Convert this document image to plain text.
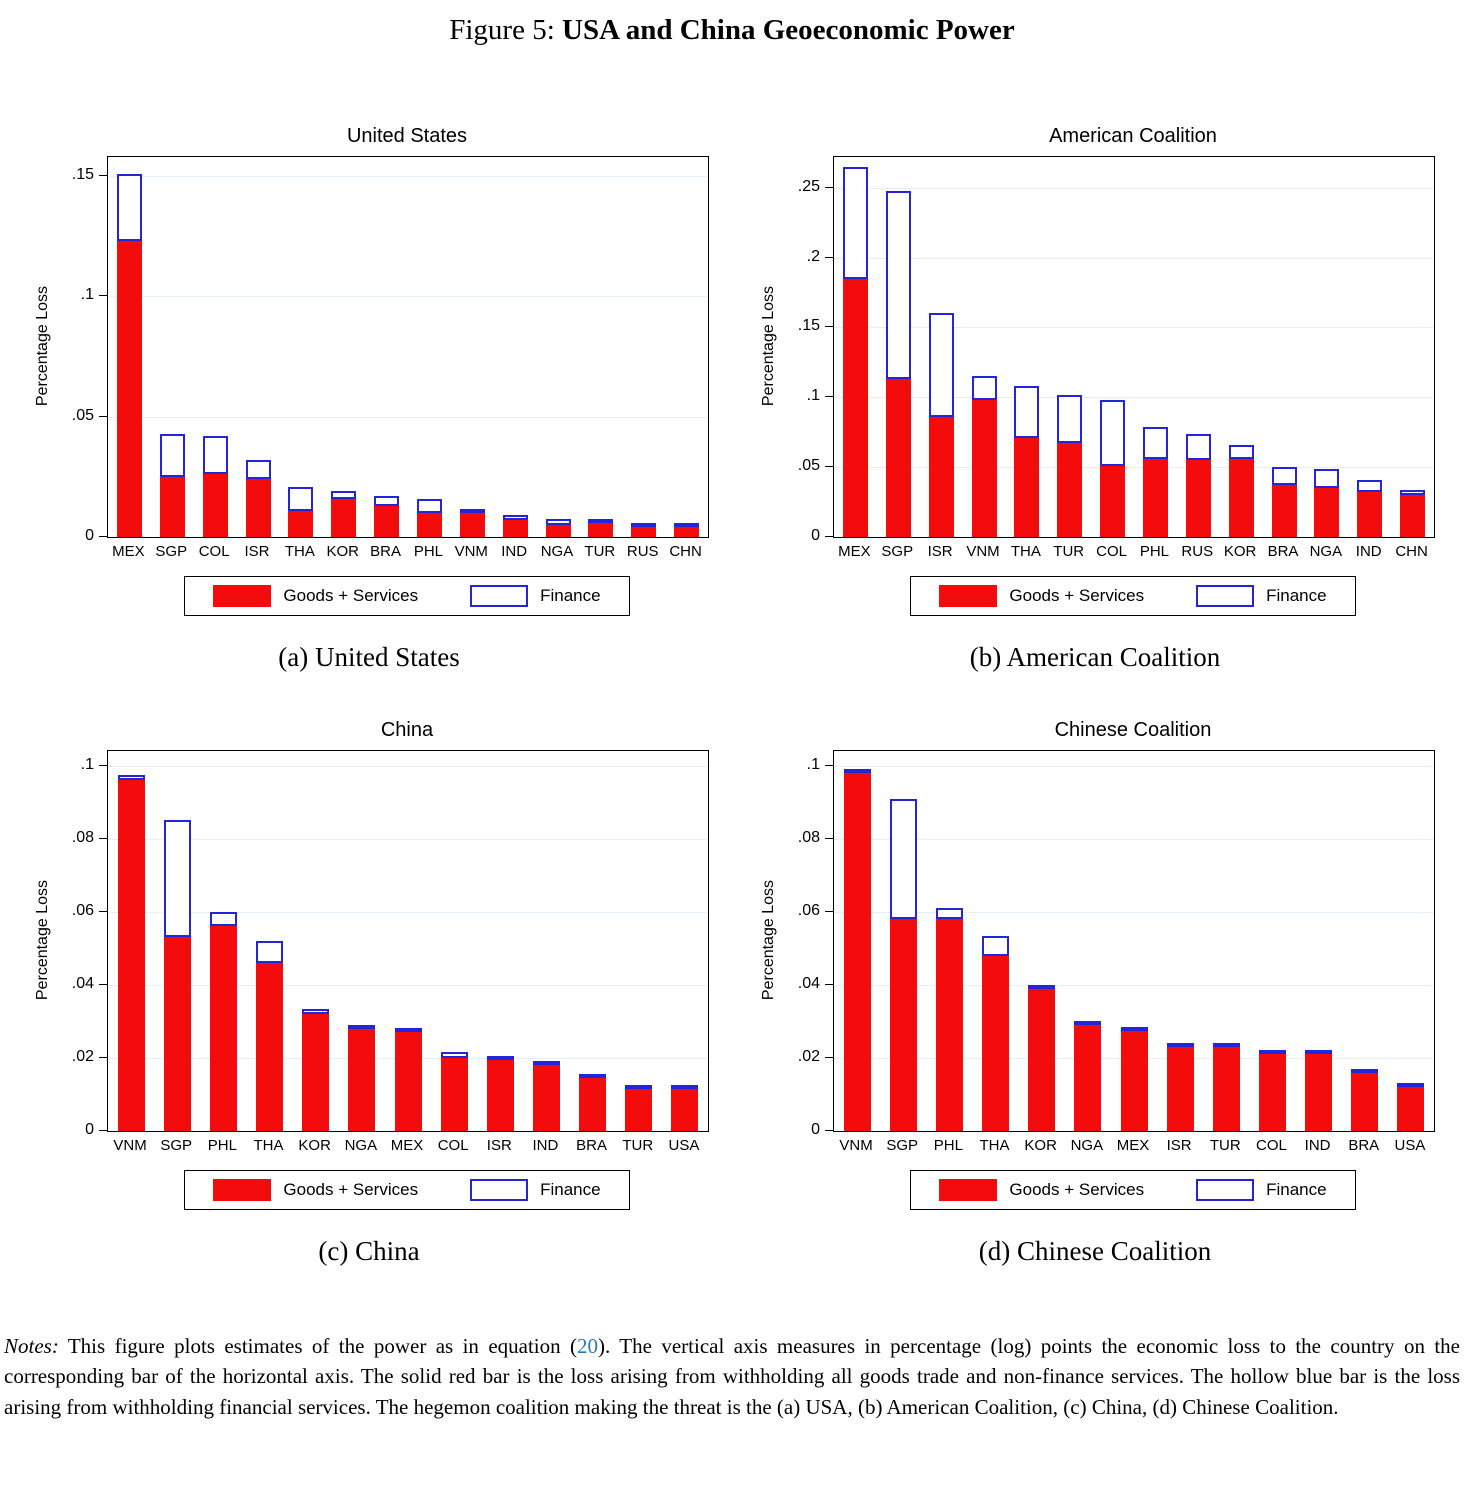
Figure 5: USA and China Geoeconomic Power
United States
Percentage Loss
0
.05
.1
.15
MEX SGP COL ISR	THA KOR BRA PHL VNM IND NGA TUR RUS CHN
Goods + Services	Finance
(a) United States
American Coalition
Percentage Loss
0
.05
.1
.15
.2
.25
MEX SGP ISR VNM THA TUR COL PHL RUS KOR BRA NGA IND CHN
Goods + Services	Finance
(b) American Coalition
China
Percentage Loss
0
.02
.04
.06
.08
.1
VNM SGP	PHL	THA KOR NGA MEX COL	ISR	IND	BRA	TUR	USA
Goods + Services	Finance
(c) China
Chinese Coalition
Percentage Loss
0
.02
.04
.06
.08
.1
VNM SGP	PHL	THA KOR NGA MEX	ISR	TUR	COL	IND	BRA	USA
Goods + Services	Finance
(d) Chinese Coalition

Notes: This figure plots estimates of the power as in equation (20). The vertical axis measures in percentage (log) points the economic loss to the country on the corresponding bar of the horizontal axis. The solid red bar is the loss arising from withholding all goods trade and non-finance services. The hollow blue bar is the loss arising from withholding financial services. The hegemon coalition making the threat is the (a) USA, (b) American Coalition, (c) China, (d) Chinese Coalition.
